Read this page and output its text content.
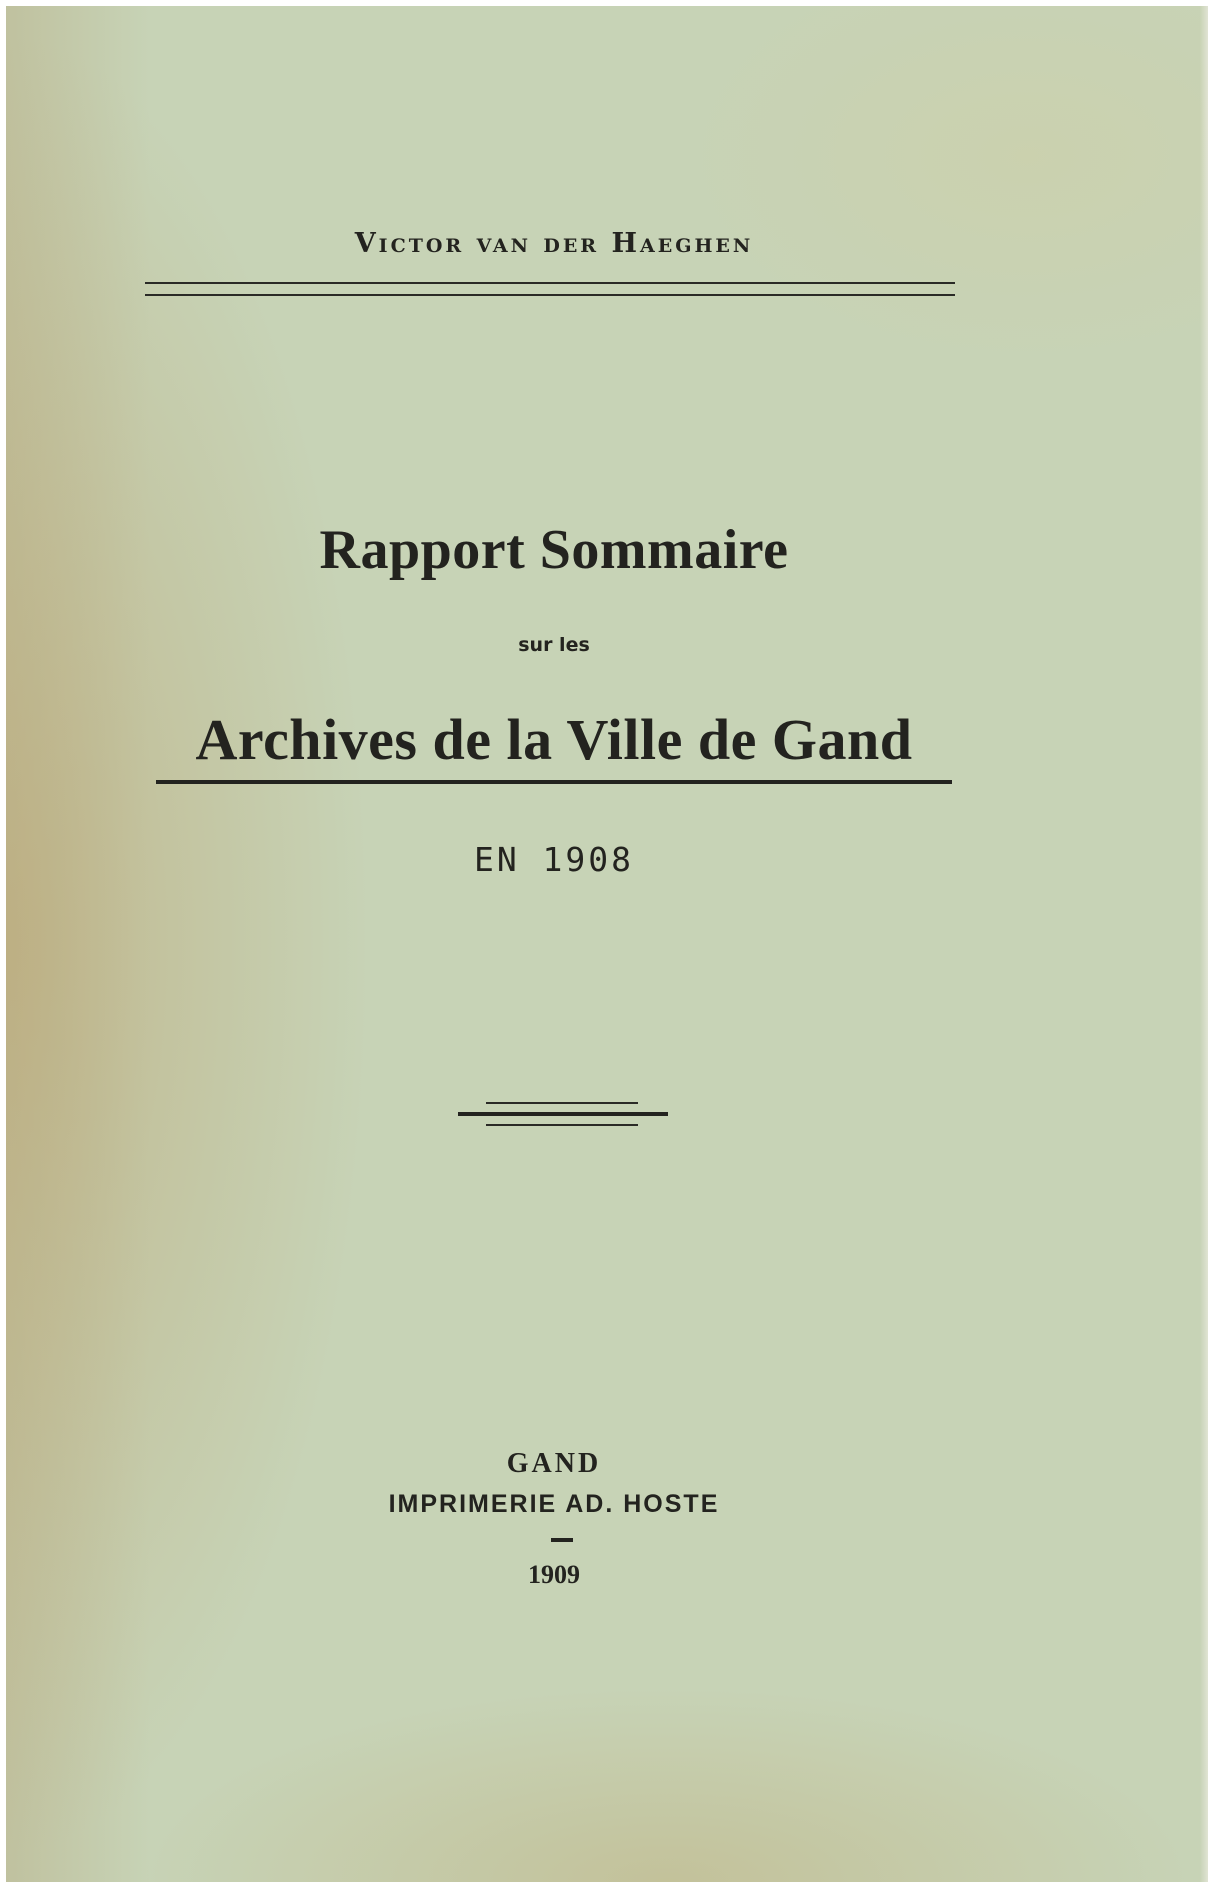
Victor van der Haeghen

Rapport Sommaire

sur les

Archives de la Ville de Gand

EN 1908

GAND

IMPRIMERIE AD. HOSTE

1909
